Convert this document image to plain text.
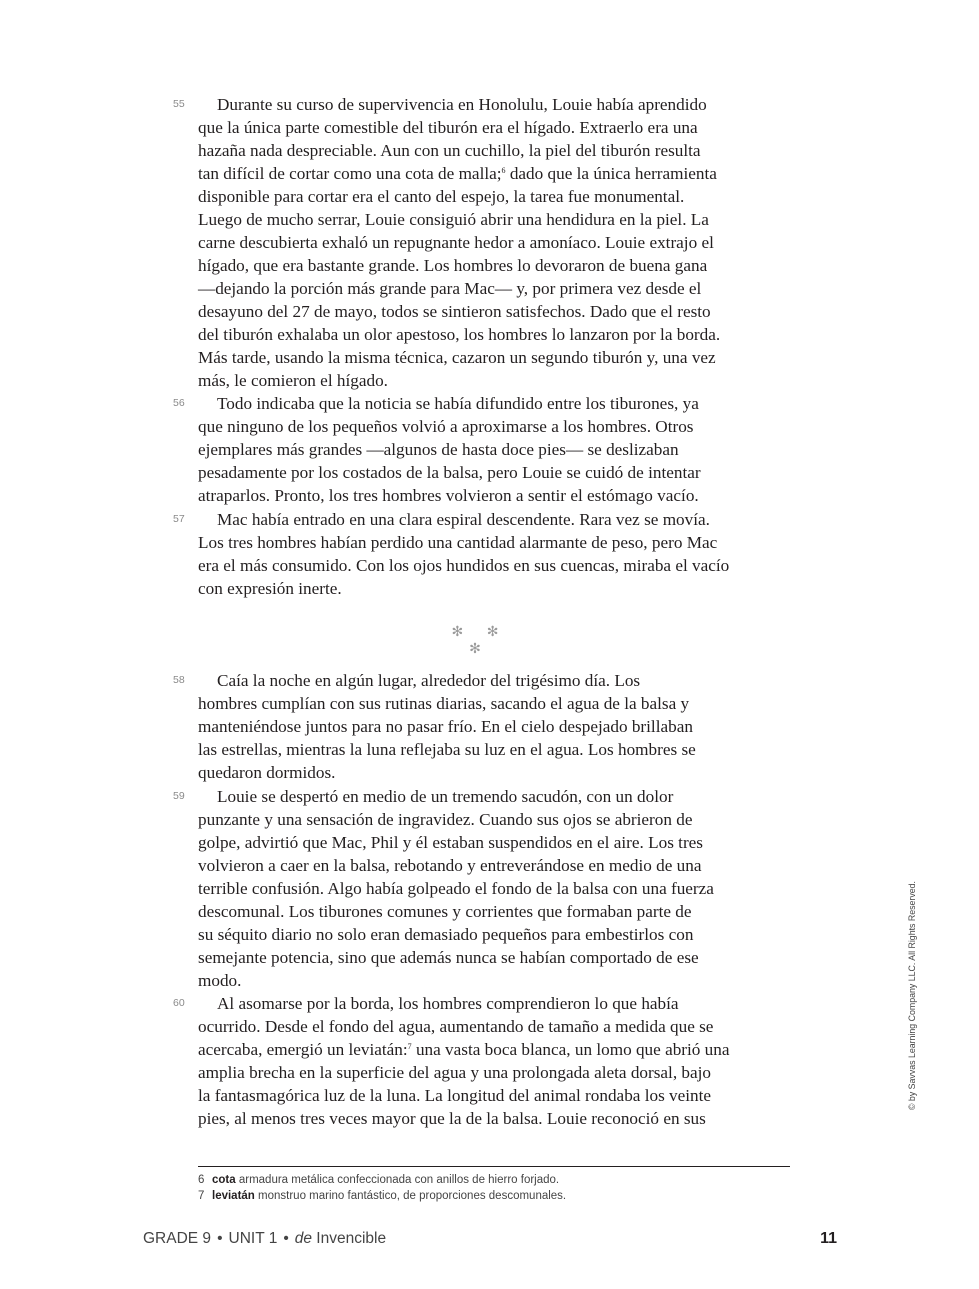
55	Durante su curso de supervivencia en Honolulu, Louie había aprendido
que la única parte comestible del tiburón era el hígado. Extraerlo era una
hazaña nada despreciable. Aun con un cuchillo, la piel del tiburón resulta
tan difícil de cortar como una cota de malla;$^6$ dado que la única herramienta
disponible para cortar era el canto del espejo, la tarea fue monumental.
Luego de mucho serrar, Louie consiguió abrir una hendidura en la piel. La
carne descubierta exhaló un repugnante hedor a amoníaco. Louie extrajo el
hígado, que era bastante grande. Los hombres lo devoraron de buena gana
—dejando la porción más grande para Mac— y, por primera vez desde el
desayuno del 27 de mayo, todos se sintieron satisfechos. Dado que el resto
del tiburón exhalaba un olor apestoso, los hombres lo lanzaron por la borda.
Más tarde, usando la misma técnica, cazaron un segundo tiburón y, una vez
más, le comieron el hígado.
56	Todo indicaba que la noticia se había difundido entre los tiburones, ya
que ninguno de los pequeños volvió a aproximarse a los hombres. Otros
ejemplares más grandes —algunos de hasta doce pies— se deslizaban
pesadamente por los costados de la balsa, pero Louie se cuidó de intentar
atraparlos. Pronto, los tres hombres volvieron a sentir el estómago vacío.
57	Mac había entrado en una clara espiral descendente. Rara vez se movía.
Los tres hombres habían perdido una cantidad alarmante de peso, pero Mac
era el más consumido. Con los ojos hundidos en sus cuencas, miraba el vacío
con expresión inerte.
58	Caía la noche en algún lugar, alrededor del trigésimo día. Los
hombres cumplían con sus rutinas diarias, sacando el agua de la balsa y
manteniéndose juntos para no pasar frío. En el cielo despejado brillaban
las estrellas, mientras la luna reflejaba su luz en el agua. Los hombres se
quedaron dormidos.
59	Louie se despertó en medio de un tremendo sacudón, con un dolor
punzante y una sensación de ingravidez. Cuando sus ojos se abrieron de
golpe, advirtió que Mac, Phil y él estaban suspendidos en el aire. Los tres
volvieron a caer en la balsa, rebotando y entreverándose en medio de una
terrible confusión. Algo había golpeado el fondo de la balsa con una fuerza
descomunal. Los tiburones comunes y corrientes que formaban parte de
su séquito diario no solo eran demasiado pequeños para embestirlos con
semejante potencia, sino que además nunca se habían comportado de ese
modo.
60	Al asomarse por la borda, los hombres comprendieron lo que había
ocurrido. Desde el fondo del agua, aumentando de tamaño a medida que se
acercaba, emergió un leviatán:$^7$ una vasta boca blanca, un lomo que abrió una
amplia brecha en la superficie del agua y una prolongada aleta dorsal, bajo
la fantasmagórica luz de la luna. La longitud del animal rondaba los veinte
pies, al menos tres veces mayor que la de la balsa. Louie reconoció en sus
✻ ✻ ✻
6 cota armadura metálica confeccionada con anillos de hierro forjado.
7 leviatán monstruo marino fantástico, de proporciones descomunales.
GRADE 9 • UNIT 1 • de Invencible	11
© by Savvas Learning Company LLC. All Rights Reserved.
